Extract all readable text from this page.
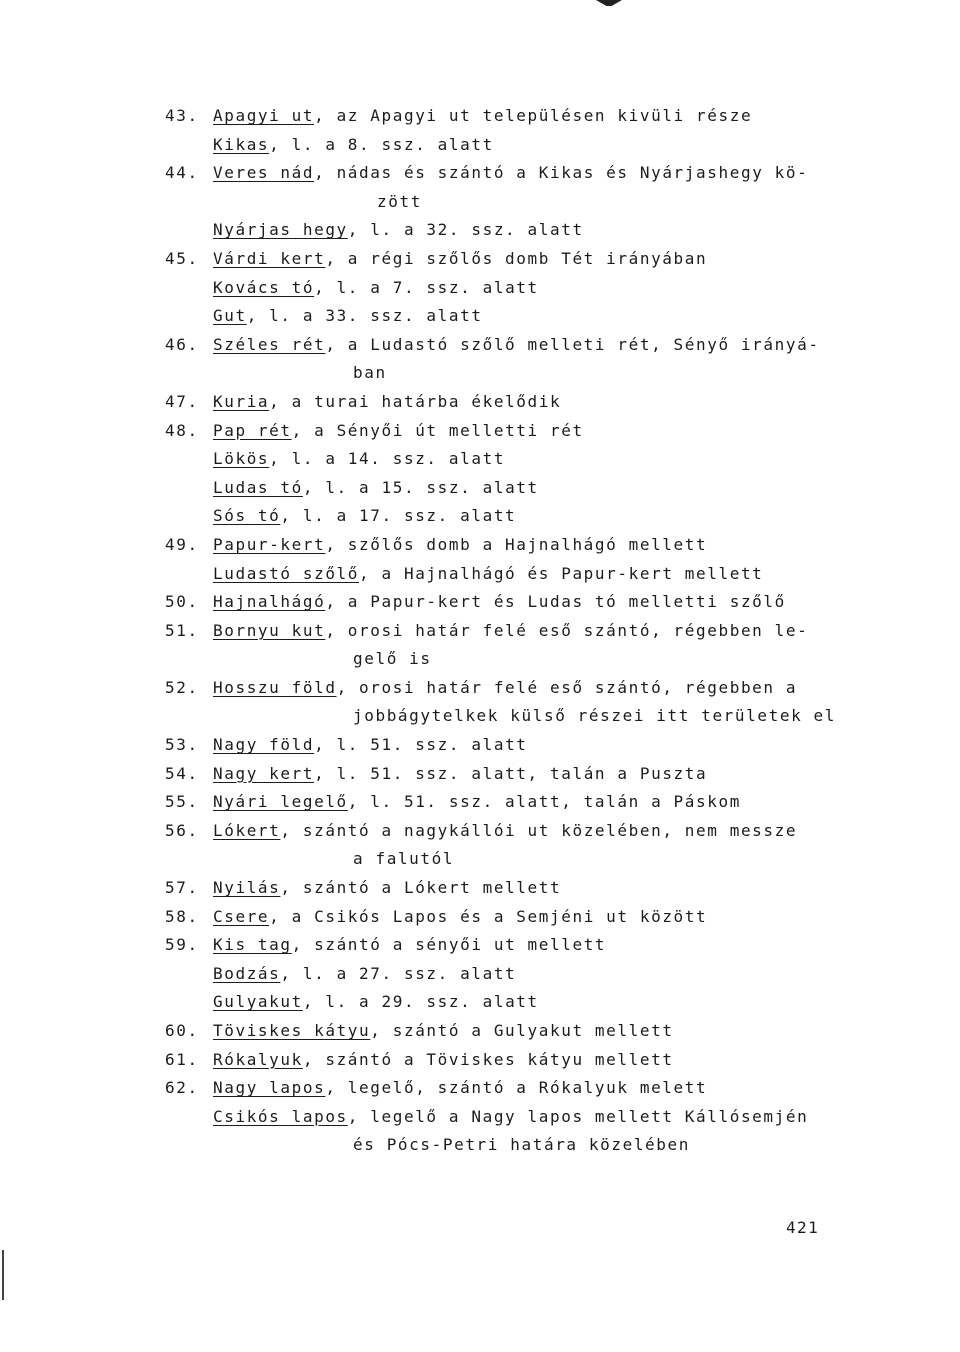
43. Apagyi ut, az Apagyi ut településen kivüli része
Kikas, l. a 8. ssz. alatt
44. Veres nád, nádas és szántó a Kikas és Nyárjashegy kö-
zött
Nyárjas hegy, l. a 32. ssz. alatt
45. Várdi kert, a régi szőlős domb Tét irányában
Kovács tó, l. a 7. ssz. alatt
Gut, l. a 33. ssz. alatt
46. Széles rét, a Ludastó szőlő melleti rét, Sényő irányá-
ban
47. Kuria, a turai határba ékelődik
48. Pap rét, a Sényői út melletti rét
Lökös, l. a 14. ssz. alatt
Ludas tó, l. a 15. ssz. alatt
Sós tó, l. a 17. ssz. alatt
49. Papur-kert, szőlős domb a Hajnalhágó mellett
Ludastó szőlő, a Hajnalhágó és Papur-kert mellett
50. Hajnalhágó, a Papur-kert és Ludas tó melletti szőlő
51. Bornyu kut, orosi határ felé eső szántó, régebben le-
gelő is
52. Hosszu föld, orosi határ felé eső szántó, régebben a
jobbágytelkek külső részei itt területek el
53. Nagy föld, l. 51. ssz. alatt
54. Nagy kert, l. 51. ssz. alatt, talán a Puszta
55. Nyári legelő, l. 51. ssz. alatt, talán a Páskom
56. Lókert, szántó a nagykállói ut közelében, nem messze
a falutól
57. Nyilás, szántó a Lókert mellett
58. Csere, a Csikós Lapos és a Semjéni ut között
59. Kis tag, szántó a sényői ut mellett
Bodzás, l. a 27. ssz. alatt
Gulyakut, l. a 29. ssz. alatt
60. Töviskes kátyu, szántó a Gulyakut mellett
61. Rókalyuk, szántó a Töviskes kátyu mellett
62. Nagy lapos, legelő, szántó a Rókalyuk melett
Csikós lapos, legelő a Nagy lapos mellett Kállósemjén
és Pócs-Petri határa közelében
421
